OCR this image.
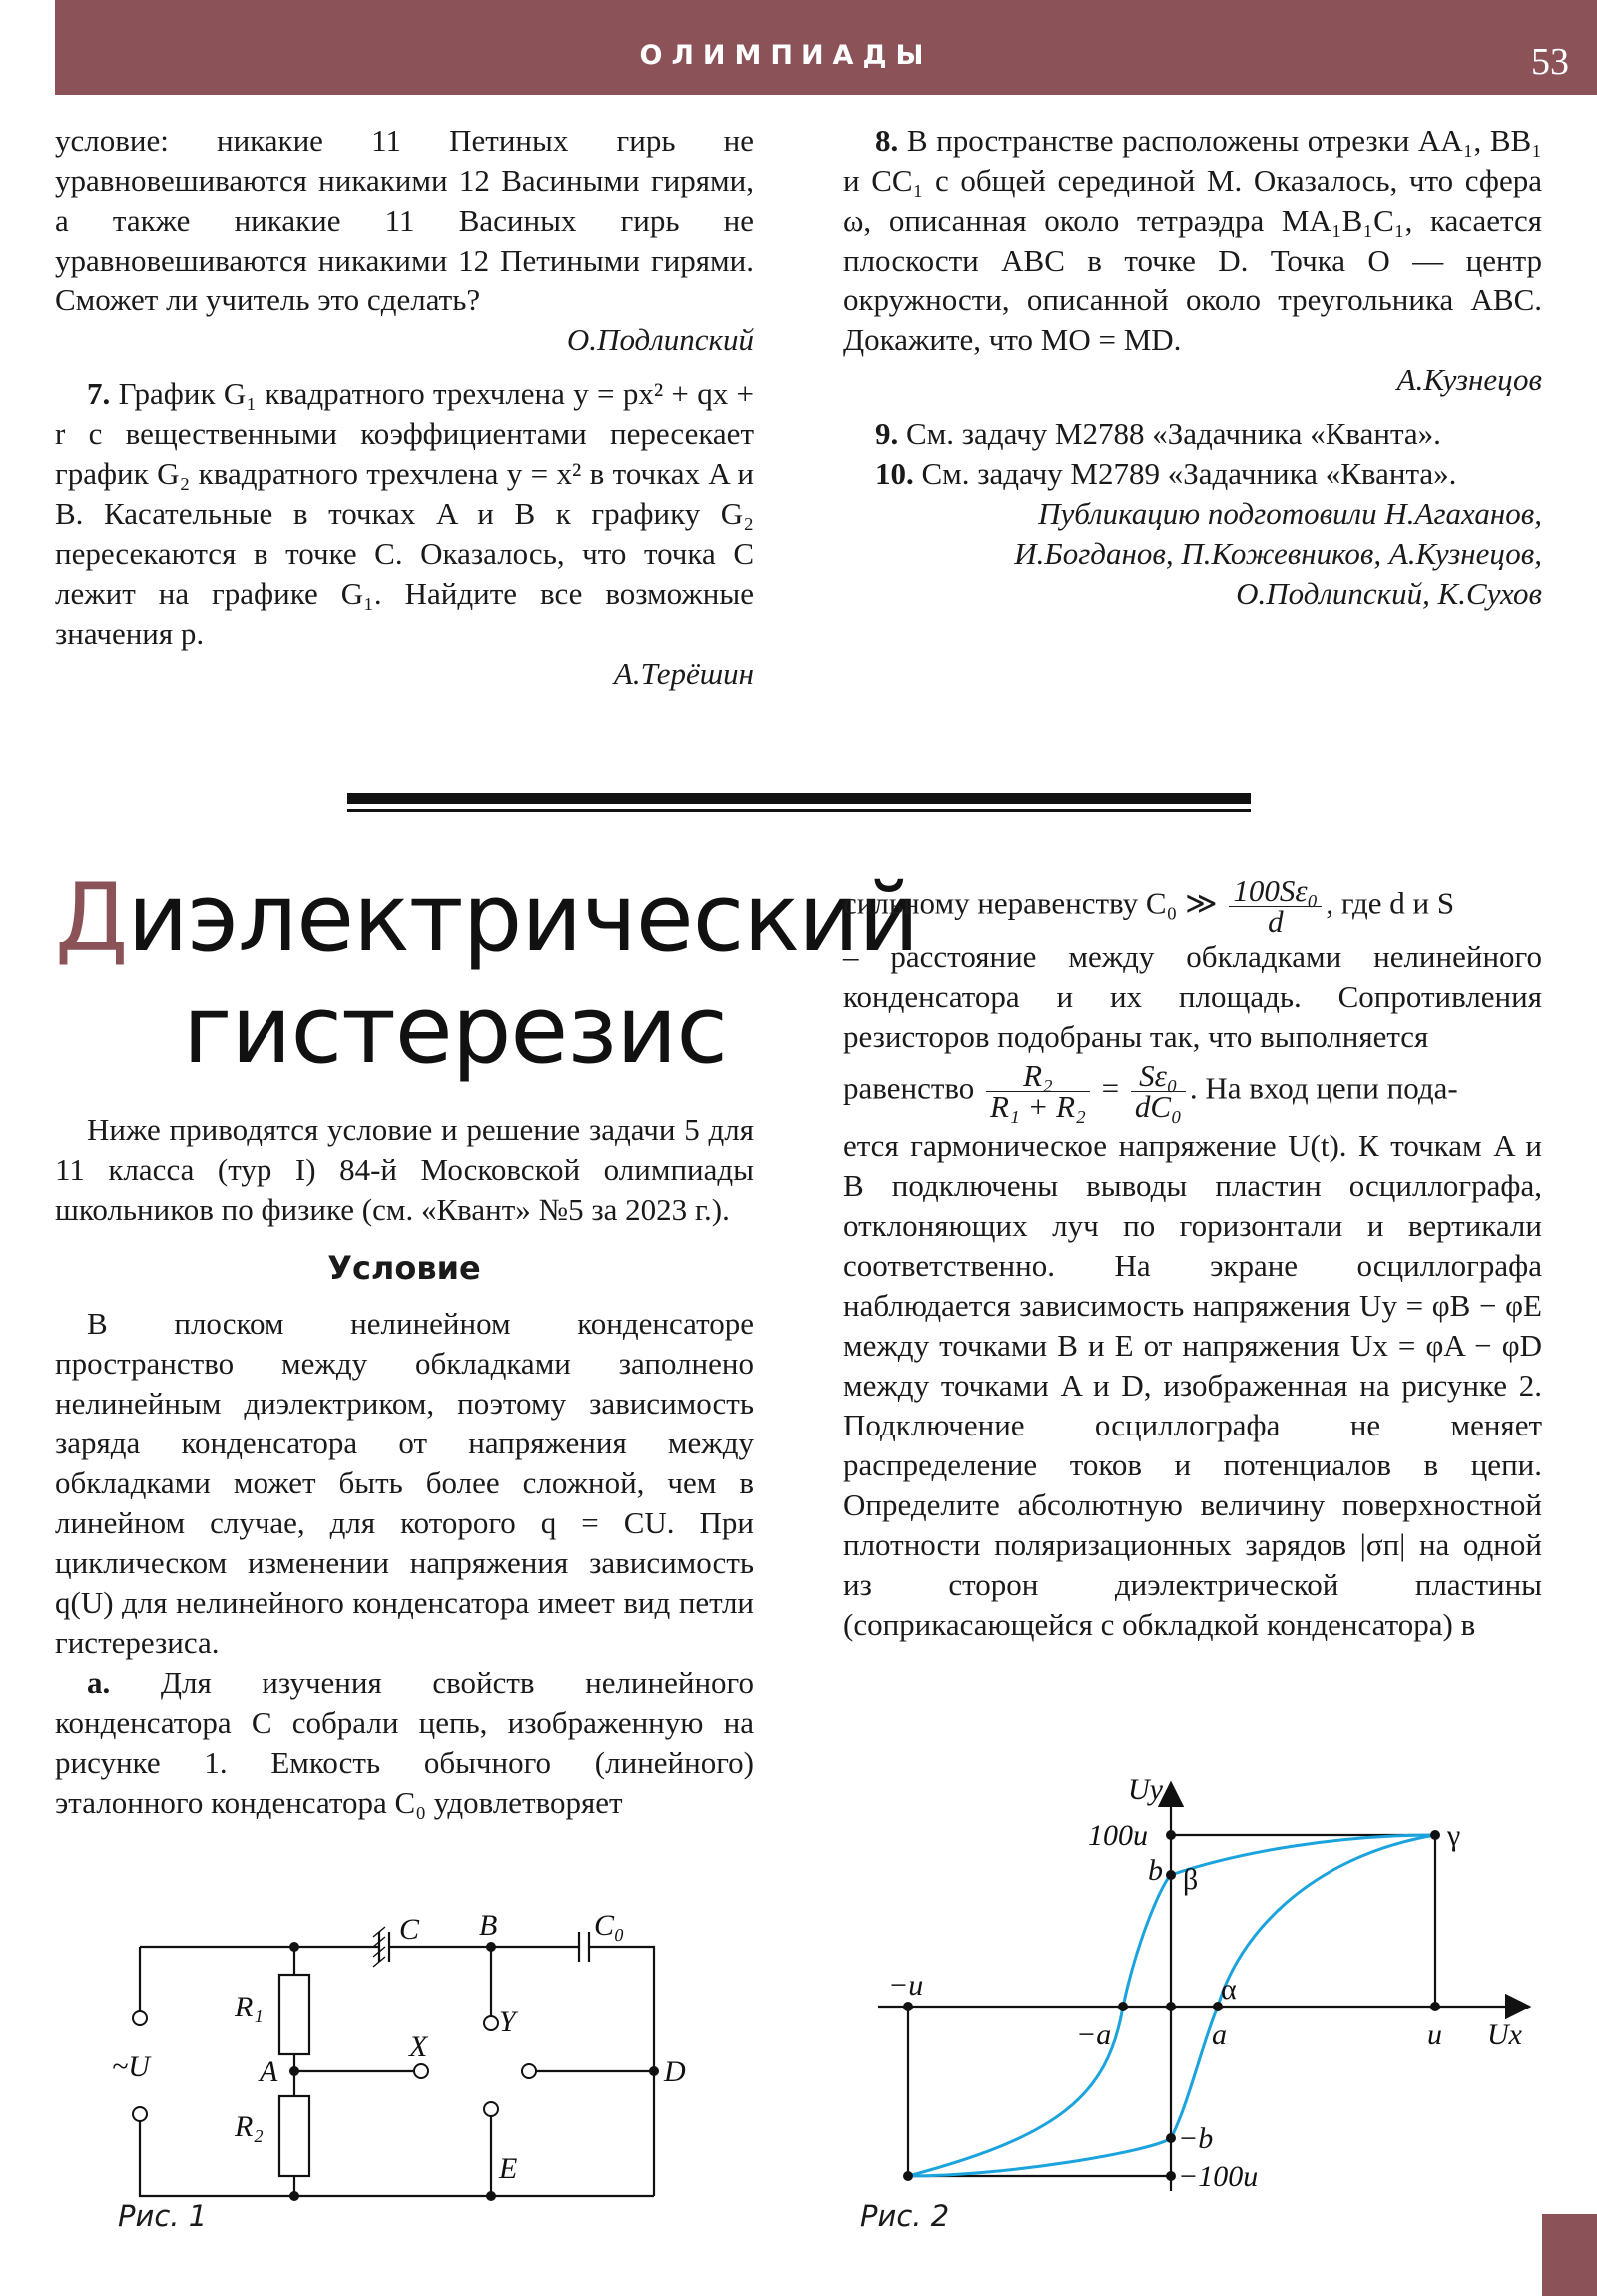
ОЛИМПИАДЫ	53

условие: никакие 11 Петиных гирь не уравновешиваются никакими 12 Васиными гирями, а также никакие 11 Васиных гирь не уравновешиваются никакими 12 Петиными гирями. Сможет ли учитель это сделать?

О.Подлипский

7. График G₁ квадратного трехчлена y = px² + qx + r с вещественными коэффициентами пересекает график G₂ квадратного трехчлена y = x² в точках A и B. Касательные в точках A и B к графику G₂ пересекаются в точке C. Оказалось, что точка C лежит на графике G₁. Найдите все возможные значения p.

А.Терёшин

8. В пространстве расположены отрезки AA₁, BB₁ и CC₁ с общей серединой M. Оказалось, что сфера ω, описанная около тетраэдра MA₁B₁C₁, касается плоскости ABC в точке D. Точка O — центр окружности, описанной около треугольника ABC. Докажите, что MO = MD.

А.Кузнецов

9. См. задачу М2788 «Задачника «Кванта».

10. См. задачу М2789 «Задачника «Кванта».

Публикацию подготовили Н.Агаханов, И.Богданов, П.Кожевников, А.Кузнецов, О.Подлипский, К.Сухов

Диэлектрический
гистерезис

Ниже приводятся условие и решение задачи 5 для 11 класса (тур I) 84-й Московской олимпиады школьников по физике (см. «Квант» №5 за 2023 г.).

Условие

В плоском нелинейном конденсаторе пространство между обкладками заполнено нелинейным диэлектриком, поэтому зависимость заряда конденсатора от напряжения между обкладками может быть более сложной, чем в линейном случае, для которого q = CU. При циклическом изменении напряжения зависимость q(U) для нелинейного конденсатора имеет вид петли гистерезиса.

а. Для изучения свойств нелинейного конденсатора C собрали цепь, изображенную на рисунке 1. Емкость обычного (линейного) эталонного конденсатора C₀ удовлетворяет

сильному неравенству C₀ ≫ $\frac{\text{100Sε₀}}{d}$ , где d и S

– расстояние между обкладками нелинейного конденсатора и их площадь. Сопротивления резисторов подобраны так, что выполняется

равенство $\frac{\text{R₂}}{\text{R₁ + R₂}} = \frac{\text{Sε₀}}{\text{dC₀}}$ . На вход цепи пода-

ется гармоническое напряжение U(t). К точкам A и B подключены выводы пластин осциллографа, отклоняющих луч по горизонтали и вертикали соответственно. На экране осциллографа наблюдается зависимость напряжения Uy = φB − φE между точками B и E от напряжения Ux = φA − φD между точками A и D, изображенная на рисунке 2. Подключение осциллографа не меняет распределение токов и потенциалов в цепи. Определите абсолютную величину поверхностной плотности поляризационных зарядов |σп| на одной из сторон диэлектрической пластины (соприкасающейся с обкладкой конденсатора) в

C B	C₀
R₁
R₂
Y
X
A	D
E
~U
Рис. 1
Uy
Ux
100u
−100u
−u
u
−a	a
b
−b
β
α
γ
Рис. 2
